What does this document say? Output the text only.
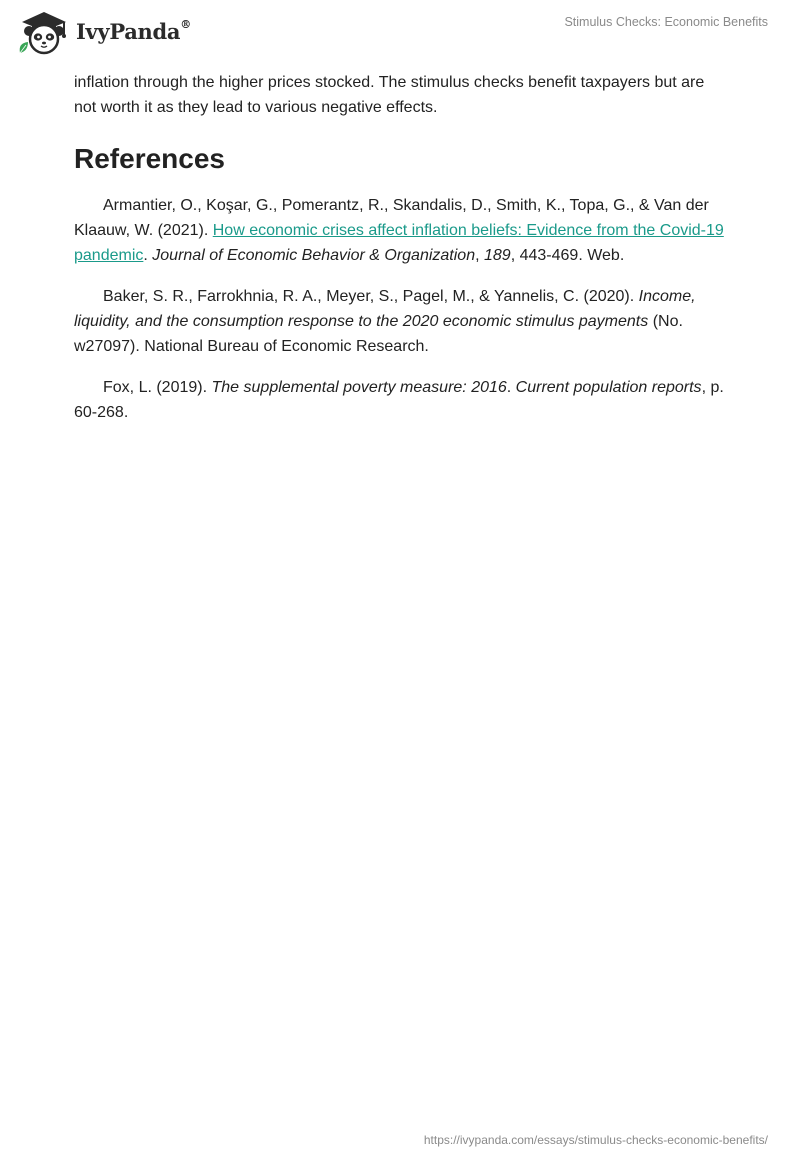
IvyPanda®	Stimulus Checks: Economic Benefits

inflation through the higher prices stocked. The stimulus checks benefit taxpayers but are not worth it as they lead to various negative effects.

References

Armantier, O., Koşar, G., Pomerantz, R., Skandalis, D., Smith, K., Topa, G., & Van der Klaauw, W. (2021). How economic crises affect inflation beliefs: Evidence from the Covid-19 pandemic. Journal of Economic Behavior & Organization, 189, 443-469. Web.

Baker, S. R., Farrokhnia, R. A., Meyer, S., Pagel, M., & Yannelis, C. (2020). Income, liquidity, and the consumption response to the 2020 economic stimulus payments (No. w27097). National Bureau of Economic Research.

Fox, L. (2019). The supplemental poverty measure: 2016. Current population reports, p. 60-268.

https://ivypanda.com/essays/stimulus-checks-economic-benefits/
